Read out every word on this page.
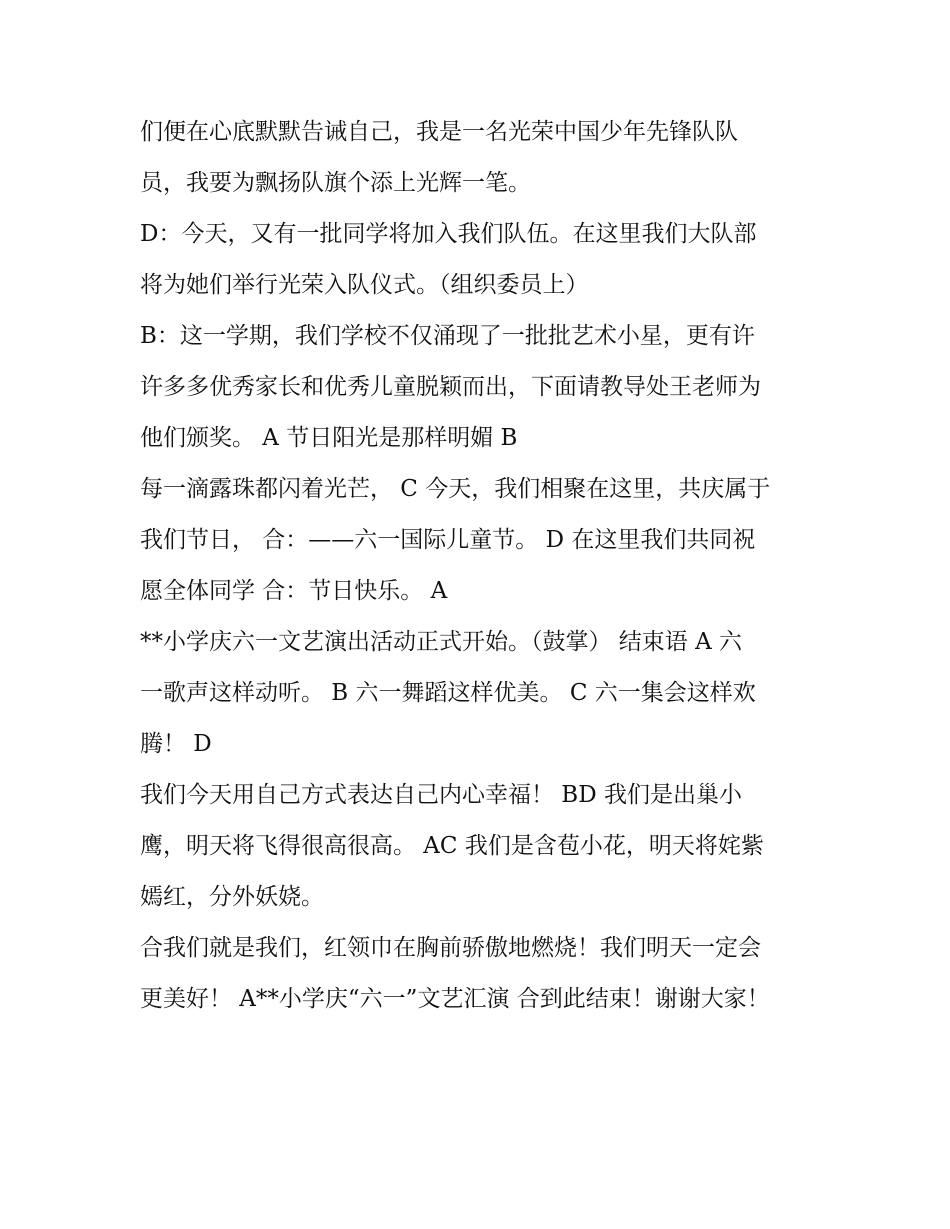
们便在心底默默告诫自己，我是一名光荣中国少年先锋队队
员，我要为飘扬队旗个添上光辉一笔。
D：今天，又有一批同学将加入我们队伍。在这里我们大队部
将为她们举行光荣入队仪式。（组织委员上）
B：这一学期，我们学校不仅涌现了一批批艺术小星，更有许
许多多优秀家长和优秀儿童脱颖而出，下面请教导处王老师为
他们颁奖。 A 节日阳光是那样明媚 B
每一滴露珠都闪着光芒， C 今天，我们相聚在这里，共庆属于
我们节日， 合：——六一国际儿童节。 D 在这里我们共同祝
愿全体同学 合：节日快乐。 A
**小学庆六一文艺演出活动正式开始。（鼓掌） 结束语 A 六
一歌声这样动听。 B 六一舞蹈这样优美。 C 六一集会这样欢
腾！ D
我们今天用自己方式表达自己内心幸福！ BD 我们是出巢小
鹰，明天将飞得很高很高。 AC 我们是含苞小花，明天将姹紫
嫣红，分外妖娆。
合我们就是我们，红领巾在胸前骄傲地燃烧！我们明天一定会
更美好！ A**小学庆“六一”文艺汇演 合到此结束！谢谢大家！
